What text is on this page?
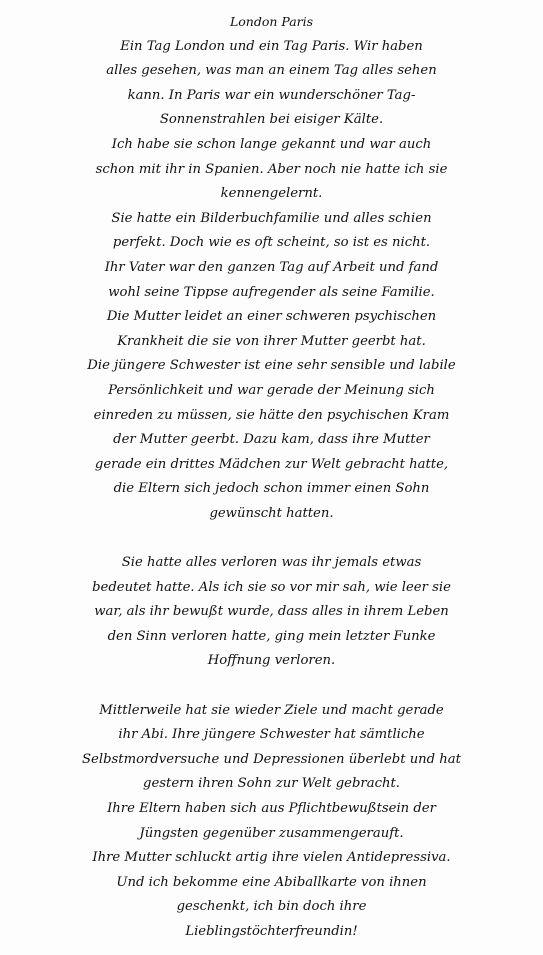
London Paris
Ein Tag London und ein Tag Paris. Wir haben
alles gesehen, was man an einem Tag alles sehen
kann. In Paris war ein wunderschöner Tag-
Sonnenstrahlen bei eisiger Kälte.
Ich habe sie schon lange gekannt und war auch
schon mit ihr in Spanien. Aber noch nie hatte ich sie
kennengelernt.
Sie hatte ein Bilderbuchfamilie und alles schien
perfekt. Doch wie es oft scheint, so ist es nicht.
Ihr Vater war den ganzen Tag auf Arbeit und fand
wohl seine Tippse aufregender als seine Familie.
Die Mutter leidet an einer schweren psychischen
Krankheit die sie von ihrer Mutter geerbt hat.
Die jüngere Schwester ist eine sehr sensible und labile
Persönlichkeit und war gerade der Meinung sich
einreden zu müssen, sie hätte den psychischen Kram
der Mutter geerbt. Dazu kam, dass ihre Mutter
gerade ein drittes Mädchen zur Welt gebracht hatte,
die Eltern sich jedoch schon immer einen Sohn
gewünscht hatten.
Sie hatte alles verloren was ihr jemals etwas
bedeutet hatte. Als ich sie so vor mir sah, wie leer sie
war, als ihr bewußt wurde, dass alles in ihrem Leben
den Sinn verloren hatte, ging mein letzter Funke
Hoffnung verloren.
Mittlerweile hat sie wieder Ziele und macht gerade
ihr Abi. Ihre jüngere Schwester hat sämtliche
Selbstmordversuche und Depressionen überlebt und hat
gestern ihren Sohn zur Welt gebracht.
Ihre Eltern haben sich aus Pflichtbewußtsein der
Jüngsten gegenüber zusammengerauft.
Ihre Mutter schluckt artig ihre vielen Antidepressiva.
Und ich bekomme eine Abiballkarte von ihnen
geschenkt, ich bin doch ihre
Lieblingstöchterfreundin!
